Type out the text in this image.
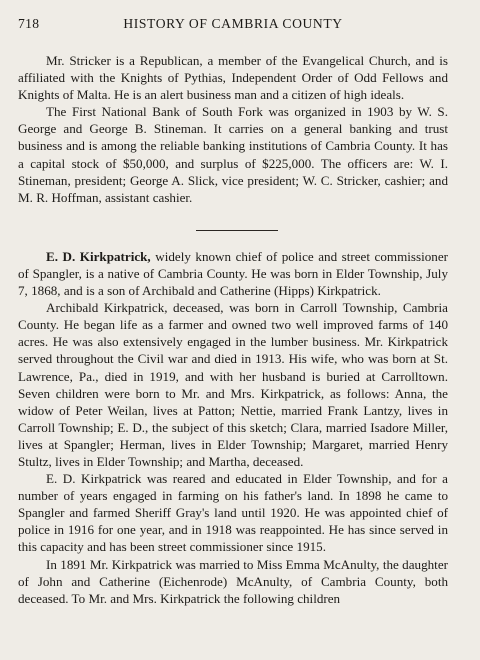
718	HISTORY OF CAMBRIA COUNTY

Mr. Stricker is a Republican, a member of the Evangelical Church, and is affiliated with the Knights of Pythias, Independent Order of Odd Fellows and Knights of Malta. He is an alert business man and a citizen of high ideals.

The First National Bank of South Fork was organized in 1903 by W. S. George and George B. Stineman. It carries on a general banking and trust business and is among the reliable banking institutions of Cambria County. It has a capital stock of $50,000, and surplus of $225,000. The officers are: W. I. Stineman, president; George A. Slick, vice president; W. C. Stricker, cashier; and M. R. Hoffman, assistant cashier.

E. D. Kirkpatrick, widely known chief of police and street commissioner of Spangler, is a native of Cambria County. He was born in Elder Township, July 7, 1868, and is a son of Archibald and Catherine (Hipps) Kirkpatrick.

Archibald Kirkpatrick, deceased, was born in Carroll Township, Cambria County. He began life as a farmer and owned two well improved farms of 140 acres. He was also extensively engaged in the lumber business. Mr. Kirkpatrick served throughout the Civil war and died in 1913. His wife, who was born at St. Lawrence, Pa., died in 1919, and with her husband is buried at Carrolltown. Seven children were born to Mr. and Mrs. Kirkpatrick, as follows: Anna, the widow of Peter Weilan, lives at Patton; Nettie, married Frank Lantzy, lives in Carroll Township; E. D., the subject of this sketch; Clara, married Isadore Miller, lives at Spangler; Herman, lives in Elder Township; Margaret, married Henry Stultz, lives in Elder Township; and Martha, deceased.

E. D. Kirkpatrick was reared and educated in Elder Township, and for a number of years engaged in farming on his father's land. In 1898 he came to Spangler and farmed Sheriff Gray's land until 1920. He was appointed chief of police in 1916 for one year, and in 1918 was reappointed. He has since served in this capacity and has been street commissioner since 1915.

In 1891 Mr. Kirkpatrick was married to Miss Emma McAnulty, the daughter of John and Catherine (Eichenrode) McAnulty, of Cambria County, both deceased. To Mr. and Mrs. Kirkpatrick the following children
